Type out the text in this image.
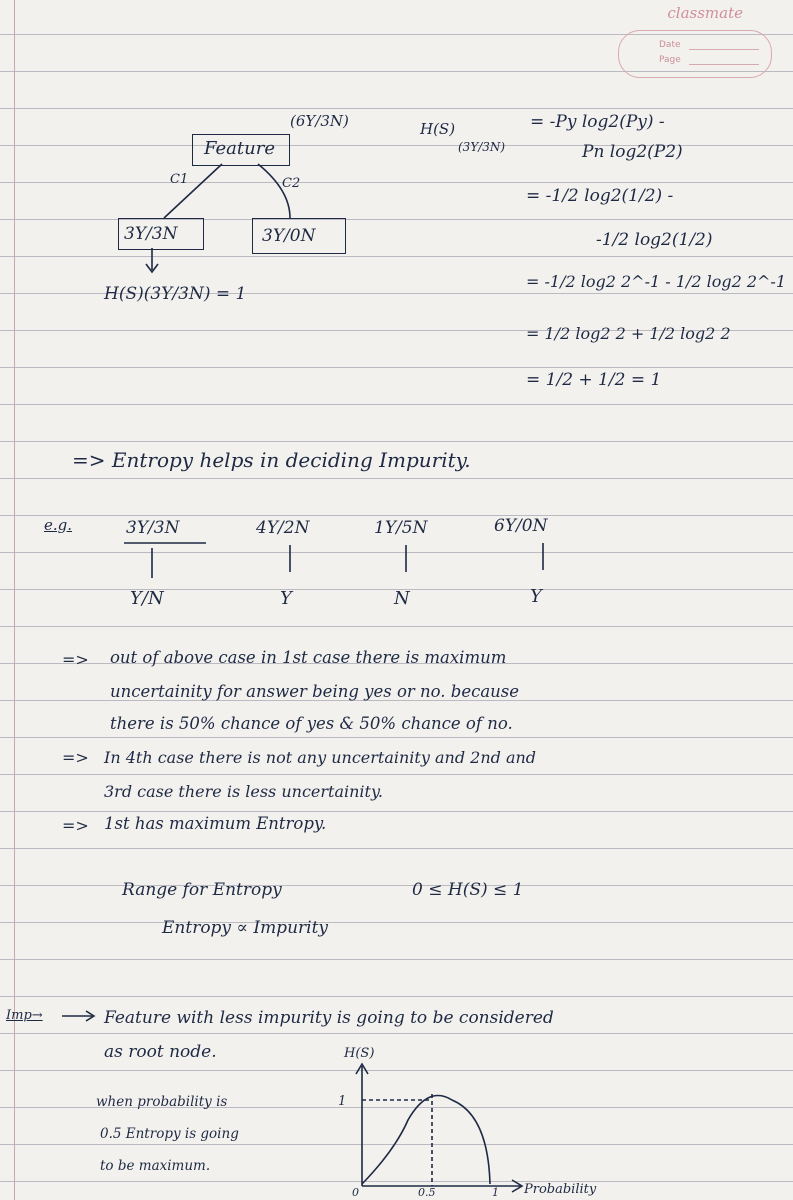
classmate
Date
Page
Feature
(6Y/3N)
C1	C2
3Y/3N	3Y/0N
H(S)(3Y/3N) = 1
H(S)
(3Y/3N)
= -Py log2(Py) -
Pn log2(P2)
= -1/2 log2(1/2) -
-1/2 log2(1/2)
= -1/2 log2 2^-1 - 1/2 log2 2^-1
= 1/2 log2 2 + 1/2 log2 2
= 1/2 + 1/2 = 1
=> Entropy helps in deciding Impurity.
e.g.	3Y/3N	4Y/2N	1Y/5N	6Y/0N
Y/N	Y	N	Y
=> out of above case in 1st case there is maximum
uncertainity for answer being yes or no. because
there is 50% chance of yes & 50% chance of no.
=> In 4th case there is not any uncertainity and 2nd and
3rd case there is less uncertainity.
=> 1st has maximum Entropy.
Range for Entropy	0 ≤ H(S) ≤ 1
Entropy ∝ Impurity
Imp→	Feature with less impurity is going to be considered
as root node.
when probability is
0.5 Entropy is going
to be maximum.
H(S)
1
0	0.5	1 Probability
